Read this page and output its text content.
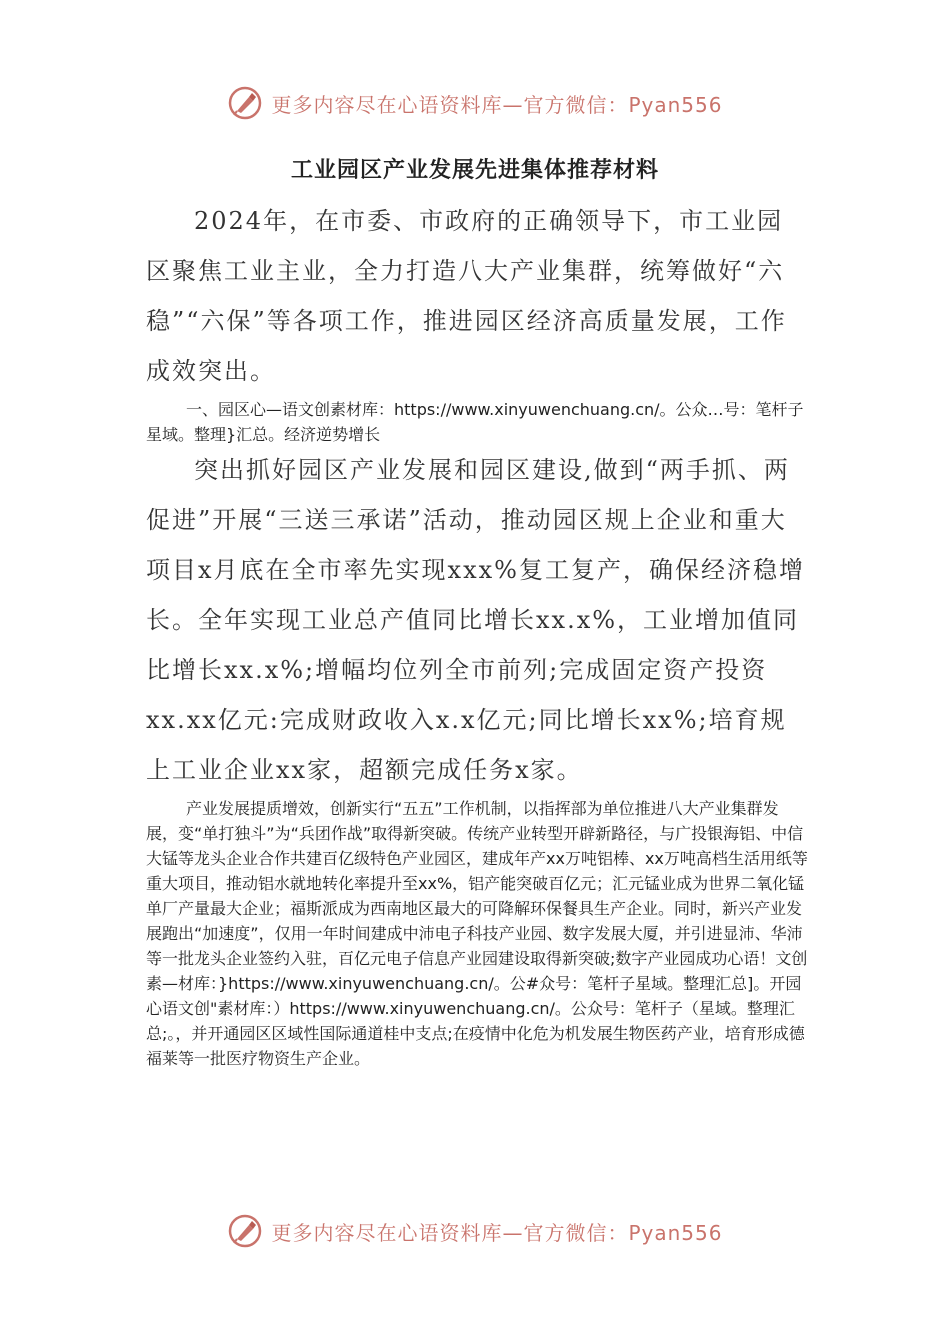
更多内容尽在心语资料库—官方微信：Pyan556
工业园区产业发展先进集体推荐材料

2024年，在市委、市政府的正确领导下，市工业园区聚焦工业主业，全力打造八大产业集群，统筹做好“六稳”“六保”等各项工作，推进园区经济高质量发展，工作成效突出。

一、园区心—语文创素材库：https://www.xinyuwenchuang.cn/。公众…号：笔杆子星域。整理}汇总。经济逆势增长

突出抓好园区产业发展和园区建设,做到“两手抓、两促进”开展“三送三承诺”活动，推动园区规上企业和重大项目x月底在全市率先实现xxx%复工复产，确保经济稳增长。全年实现工业总产值同比增长xx.x%，工业增加值同比增长xx.x%;增幅均位列全市前列;完成固定资产投资xx.xx亿元:完成财政收入x.x亿元;同比增长xx%;培育规上工业企业xx家，超额完成任务x家。

产业发展提质增效，创新实行“五五”工作机制，以指挥部为单位推进八大产业集群发展，变“单打独斗”为“兵团作战”取得新突破。传统产业转型开辟新路径，与广投银海铝、中信大锰等龙头企业合作共建百亿级特色产业园区，建成年产xx万吨铝棒、xx万吨高档生活用纸等重大项目，推动铝水就地转化率提升至xx%，铝产能突破百亿元；汇元锰业成为世界二氧化锰单厂产量最大企业；福斯派成为西南地区最大的可降解环保餐具生产企业。同时，新兴产业发展跑出“加速度”，仅用一年时间建成中沛电子科技产业园、数字发展大厦，并引进显沛、华沛等一批龙头企业签约入驻，百亿元电子信息产业园建设取得新突破;数字产业园成功心语！文创素—材库：}https://www.xinyuwenchuang.cn/。公#众号：笔杆子星域。整理汇总]。开园心语文创"素材库：）https://www.xinyuwenchuang.cn/。公众号：笔杆子（星域。整理汇总;。，并开通园区区域性国际通道桂中支点;在疫情中化危为机发展生物医药产业，培育形成德福莱等一批医疗物资生产企业。

更多内容尽在心语资料库—官方微信：Pyan556
